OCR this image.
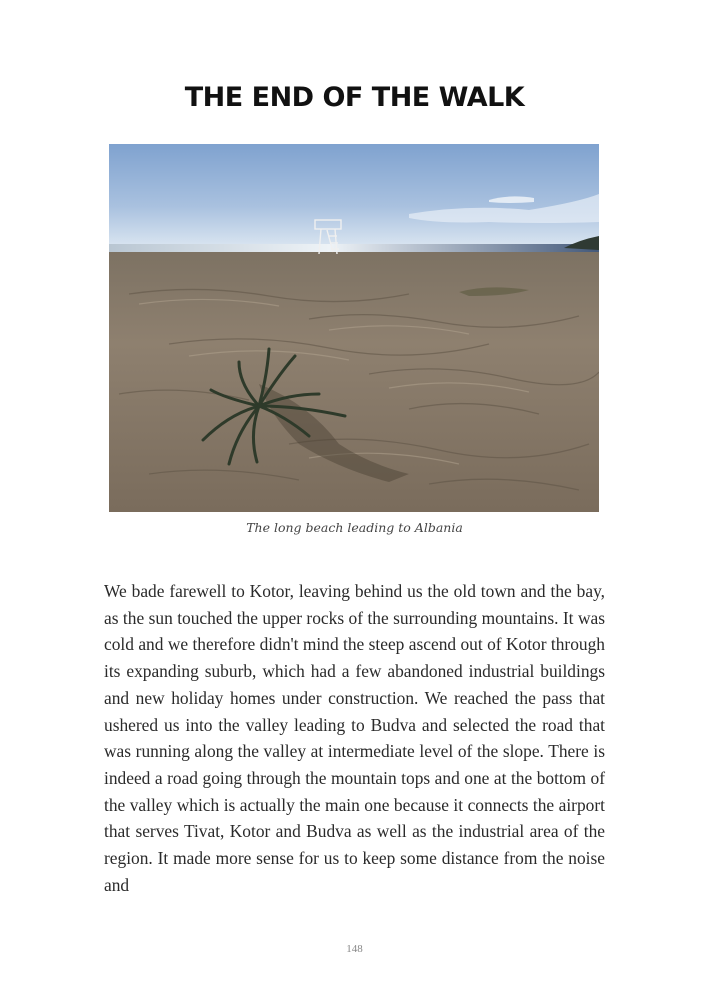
THE END OF THE WALK
The long beach leading to Albania

We bade farewell to Kotor, leaving behind us the old town and the bay, as the sun touched the upper rocks of the surrounding mountains. It was cold and we therefore didn't mind the steep ascend out of Kotor through its expanding suburb, which had a few abandoned industrial buildings and new holiday homes under construction. We reached the pass that ushered us into the valley leading to Budva and selected the road that was running along the valley at intermediate level of the slope. There is indeed a road going through the mountain tops and one at the bottom of the valley which is actually the main one because it connects the airport that serves Tivat, Kotor and Budva as well as the industrial area of the region. It made more sense for us to keep some distance from the noise and

148
